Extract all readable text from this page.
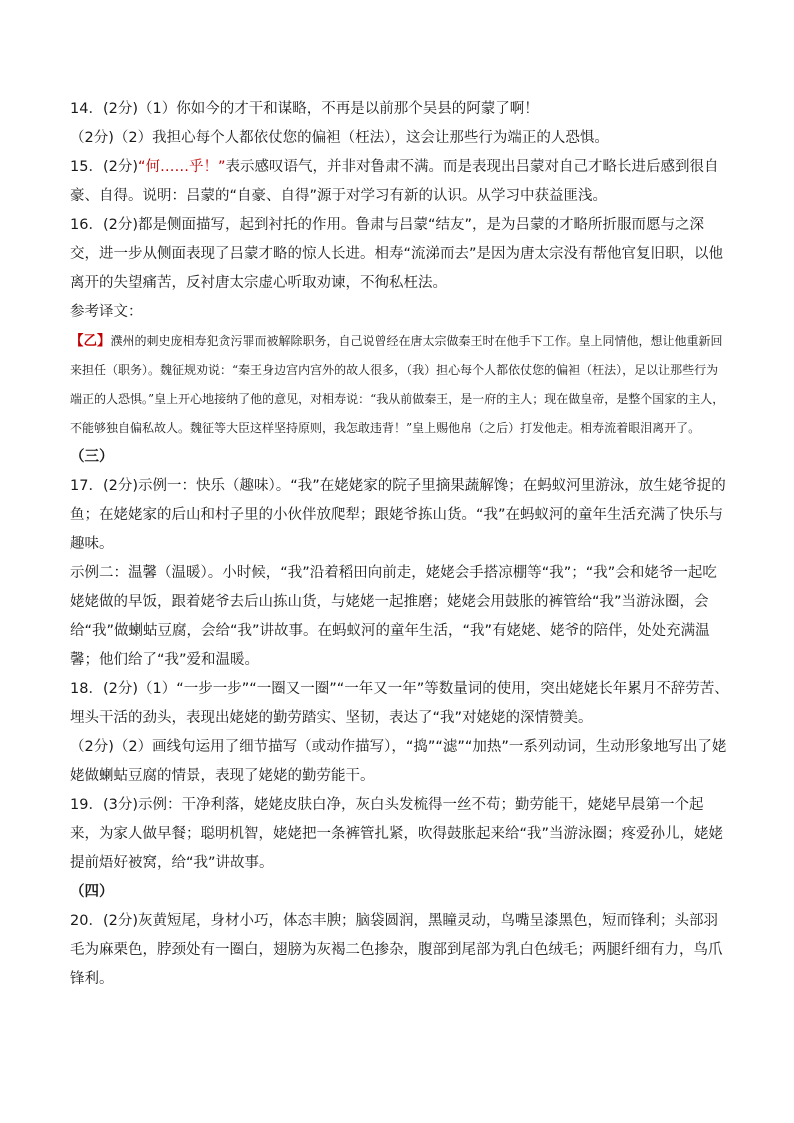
14．(2分)（1）你如今的才干和谋略，不再是以前那个吴县的阿蒙了啊！

（2分)（2）我担心每个人都依仗您的偏袒（枉法），这会让那些行为端正的人恐惧。

15．(2分)“何……乎！”表示感叹语气，并非对鲁肃不满。而是表现出吕蒙对自己才略长进后感到很自豪、自得。说明：吕蒙的“自豪、自得”源于对学习有新的认识。从学习中获益匪浅。

16．(2分)都是侧面描写，起到衬托的作用。鲁肃与吕蒙“结友”，是为吕蒙的才略所折服而愿与之深交，进一步从侧面表现了吕蒙才略的惊人长进。相寿“流涕而去”是因为唐太宗没有帮他官复旧职，以他离开的失望痛苦，反衬唐太宗虚心听取劝谏，不徇私枉法。

参考译文：

【乙】濮州的刺史庞相寿犯贪污罪而被解除职务，自己说曾经在唐太宗做秦王时在他手下工作。皇上同情他，想让他重新回来担任（职务）。魏征规劝说：“秦王身边宫内宫外的故人很多，（我）担心每个人都依仗您的偏袒（枉法），足以让那些行为端正的人恐惧。”皇上开心地接纳了他的意见，对相寿说：“我从前做秦王，是一府的主人；现在做皇帝，是整个国家的主人，不能够独自偏私故人。魏征等大臣这样坚持原则，我怎敢违背！”皇上赐他帛（之后）打发他走。相寿流着眼泪离开了。

（三）

17．(2分)示例一：快乐（趣味）。“我”在姥姥家的院子里摘果蔬解馋；在蚂蚁河里游泳，放生姥爷捉的鱼；在姥姥家的后山和村子里的小伙伴放爬犁；跟姥爷拣山货。“我”在蚂蚁河的童年生活充满了快乐与趣味。

示例二：温馨（温暖）。小时候，“我”沿着稻田向前走，姥姥会手搭凉棚等“我”；“我”会和姥爷一起吃姥姥做的早饭，跟着姥爷去后山拣山货，与姥姥一起推磨；姥姥会用鼓胀的裤管给“我”当游泳圈，会给“我”做蝲蛄豆腐，会给“我”讲故事。在蚂蚁河的童年生活，“我”有姥姥、姥爷的陪伴，处处充满温馨；他们给了“我”爱和温暖。

18．(2分)（1）“一步一步”“一圈又一圈”“一年又一年”等数量词的使用，突出姥姥长年累月不辞劳苦、埋头干活的劲头，表现出姥姥的勤劳踏实、坚韧，表达了“我”对姥姥的深情赞美。

（2分)（2）画线句运用了细节描写（或动作描写），“捣”“滤”“加热”一系列动词，生动形象地写出了姥姥做蝲蛄豆腐的情景，表现了姥姥的勤劳能干。

19．(3分)示例：干净利落，姥姥皮肤白净，灰白头发梳得一丝不苟；勤劳能干，姥姥早晨第一个起来，为家人做早餐；聪明机智，姥姥把一条裤管扎紧，吹得鼓胀起来给“我”当游泳圈；疼爱孙儿，姥姥提前焐好被窝，给“我”讲故事。

（四）

20．(2分)灰黄短尾，身材小巧，体态丰腴；脑袋圆润，黑瞳灵动，鸟嘴呈漆黑色，短而锋利；头部羽毛为麻栗色，脖颈处有一圈白，翅膀为灰褐二色掺杂，腹部到尾部为乳白色绒毛；两腿纤细有力，鸟爪锋利。
